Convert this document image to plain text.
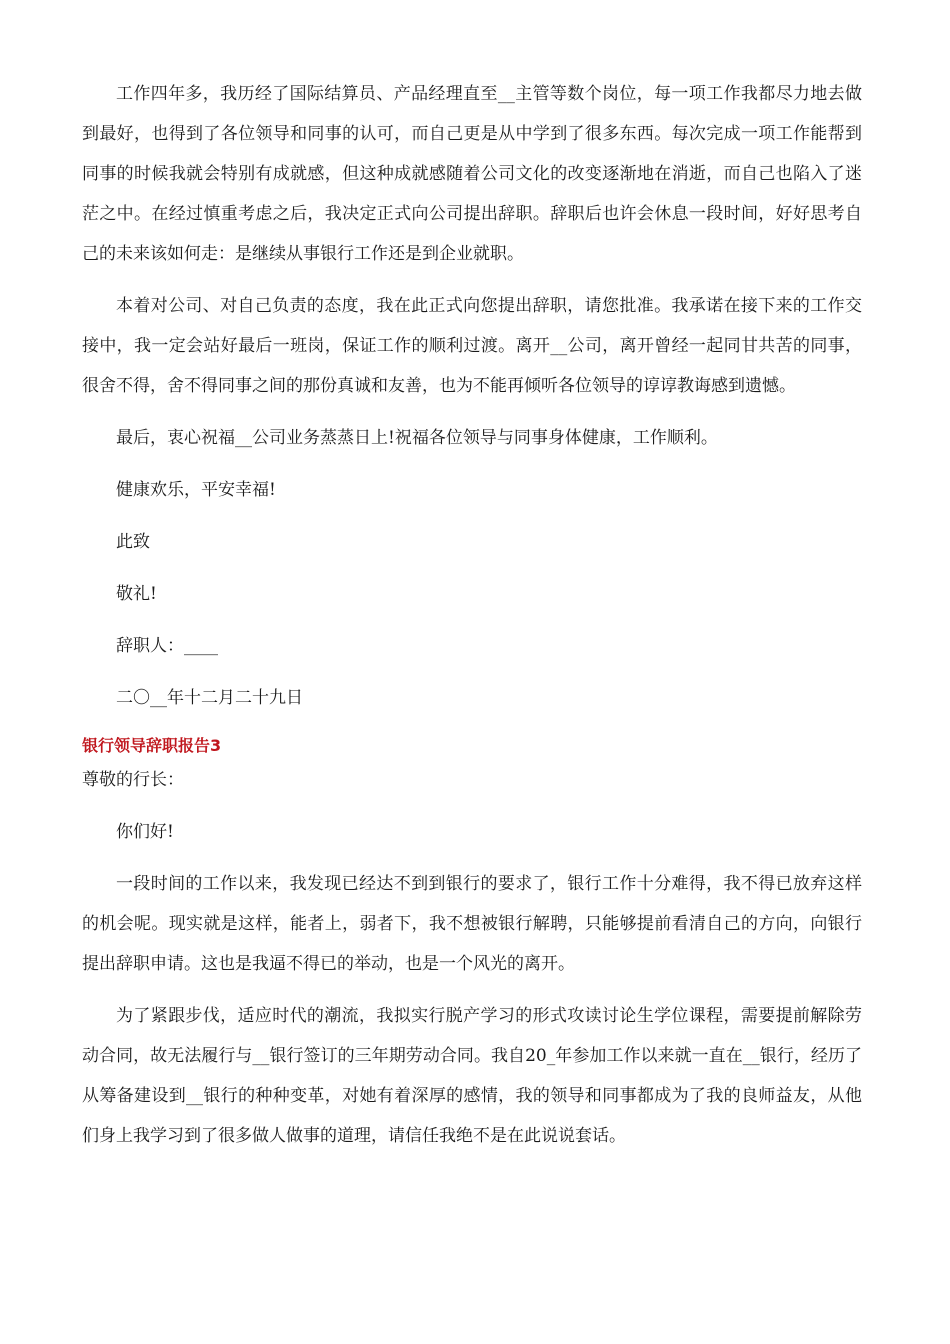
工作四年多，我历经了国际结算员、产品经理直至__主管等数个岗位，每一项工作我都尽力地去做到最好，也得到了各位领导和同事的认可，而自己更是从中学到了很多东西。每次完成一项工作能帮到同事的时候我就会特别有成就感，但这种成就感随着公司文化的改变逐渐地在消逝，而自己也陷入了迷茫之中。在经过慎重考虑之后，我决定正式向公司提出辞职。辞职后也许会休息一段时间，好好思考自己的未来该如何走：是继续从事银行工作还是到企业就职。

本着对公司、对自己负责的态度，我在此正式向您提出辞职，请您批准。我承诺在接下来的工作交接中，我一定会站好最后一班岗，保证工作的顺利过渡。离开__公司，离开曾经一起同甘共苦的同事，很舍不得，舍不得同事之间的那份真诚和友善，也为不能再倾听各位领导的谆谆教诲感到遗憾。

最后，衷心祝福__公司业务蒸蒸日上!祝福各位领导与同事身体健康，工作顺利。

健康欢乐，平安幸福!

此致

敬礼!

辞职人：____

二〇__年十二月二十九日

银行领导辞职报告3

尊敬的行长：

你们好!

一段时间的工作以来，我发现已经达不到到银行的要求了，银行工作十分难得，我不得已放弃这样的机会呢。现实就是这样，能者上，弱者下，我不想被银行解聘，只能够提前看清自己的方向，向银行提出辞职申请。这也是我逼不得已的举动，也是一个风光的离开。

为了紧跟步伐，适应时代的潮流，我拟实行脱产学习的形式攻读讨论生学位课程，需要提前解除劳动合同，故无法履行与__银行签订的三年期劳动合同。我自20_年参加工作以来就一直在__银行，经历了从筹备建设到__银行的种种变革，对她有着深厚的感情，我的领导和同事都成为了我的良师益友，从他们身上我学习到了很多做人做事的道理，请信任我绝不是在此说说套话。
